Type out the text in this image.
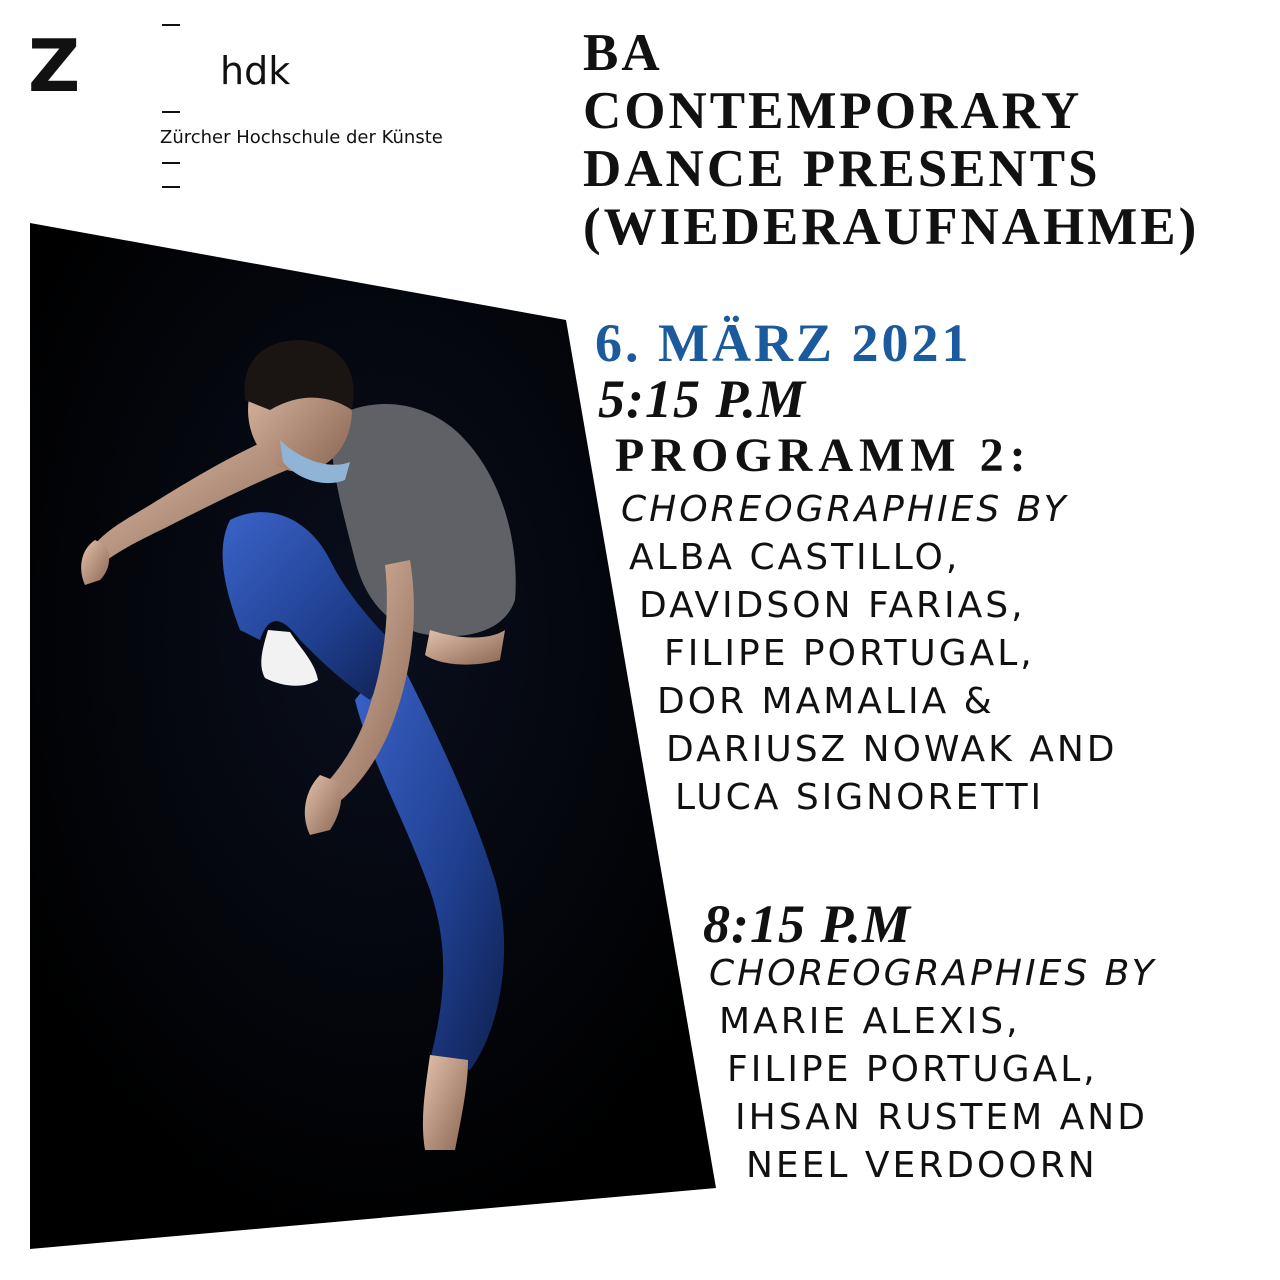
Z	hdk
Zürcher Hochschule der Künste
BA
CONTEMPORARY
DANCE PRESENTS
(WIEDERAUFNAHME)
6. MÄRZ 2021
5:15 P.M
PROGRAMM 2:
CHOREOGRAPHIES BY
ALBA CASTILLO,
DAVIDSON FARIAS,
FILIPE PORTUGAL,
DOR MAMALIA &
DARIUSZ NOWAK AND
LUCA SIGNORETTI
8:15 P.M
CHOREOGRAPHIES BY
MARIE ALEXIS,
FILIPE PORTUGAL,
IHSAN RUSTEM AND
NEEL VERDOORN
